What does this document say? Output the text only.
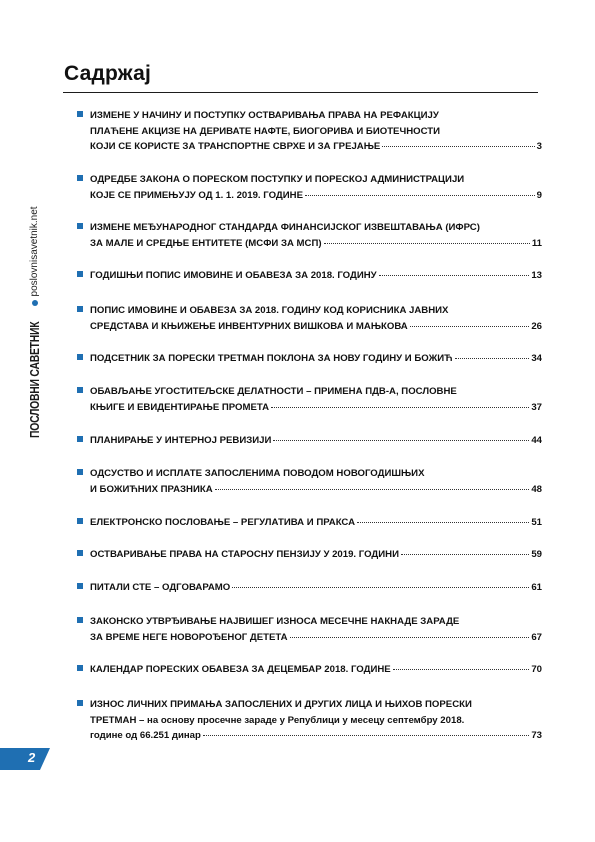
Садржај
ИЗМЕНЕ У НАЧИНУ И ПОСТУПКУ ОСТВАРИВАЊА ПРАВА НА РЕФАКЦИЈУ
ПЛАЋЕНЕ АКЦИЗЕ НА ДЕРИВАТЕ НАФТЕ, БИОГОРИВА И БИОТЕЧНОСТИ
КОЈИ СЕ КОРИСТЕ ЗА ТРАНСПОРТНЕ СВРХЕ И ЗА ГРЕЈАЊЕ	3
ОДРЕДБЕ ЗАКОНА О ПОРЕСКОМ ПОСТУПКУ И ПОРЕСКОЈ АДМИНИСТРАЦИЈИ
КОЈЕ СЕ ПРИМЕЊУЈУ ОД 1. 1. 2019. ГОДИНЕ	9
ИЗМЕНЕ МЕЂУНАРОДНОГ СТАНДАРДА ФИНАНСИЈСКОГ ИЗВЕШТАВАЊА (ИФРС)
ЗА МАЛЕ И СРЕДЊЕ ЕНТИТЕТЕ (МСФИ ЗА МСП)	11
ГОДИШЊИ ПОПИС ИМОВИНЕ И ОБАВЕЗА ЗА 2018. ГОДИНУ	13
ПОПИС ИМОВИНЕ И ОБАВЕЗА ЗА 2018. ГОДИНУ КОД КОРИСНИКА ЈАВНИХ
СРЕДСТАВА И КЊИЖЕЊЕ ИНВЕНТУРНИХ ВИШКОВА И МАЊКОВА	26
ПОДСЕТНИК ЗА ПОРЕСКИ ТРЕТМАН ПОКЛОНА ЗА НОВУ ГОДИНУ И БОЖИЋ	34
ОБАВЉАЊЕ УГОСТИТЕЉСКЕ ДЕЛАТНОСТИ – ПРИМЕНА ПДВ-А, ПОСЛОВНЕ
КЊИГЕ И ЕВИДЕНТИРАЊЕ ПРОМЕТА	37
ПЛАНИРАЊЕ У ИНТЕРНОЈ РЕВИЗИЈИ	44
ОДСУСТВО И ИСПЛАТЕ ЗАПОСЛЕНИМА ПОВОДОМ НОВОГОДИШЊИХ
И БОЖИЋНИХ ПРАЗНИКА	48
ЕЛЕКТРОНСКО ПОСЛОВАЊЕ – РЕГУЛАТИВА И ПРАКСА	51
ОСТВАРИВАЊЕ ПРАВА НА СТАРОСНУ ПЕНЗИЈУ У 2019. ГОДИНИ	59
ПИТАЛИ СТЕ – ОДГОВАРАМО	61
ЗАКОНСКО УТВРЂИВАЊЕ НАЈВИШЕГ ИЗНОСА МЕСЕЧНЕ НАКНАДЕ ЗАРАДЕ
ЗА ВРЕМЕ НЕГЕ НОВОРОЂЕНОГ ДЕТЕТА	67
КАЛЕНДАР ПОРЕСКИХ ОБАВЕЗА ЗА ДЕЦЕМБАР 2018. ГОДИНЕ	70
ИЗНОС ЛИЧНИХ ПРИМАЊА ЗАПОСЛЕНИХ И ДРУГИХ ЛИЦА И ЊИХОВ ПОРЕСКИ
ТРЕТМАН – на основу просечне зараде у Републици у месецу септембру 2018.
године од 66.251 динар	73
ПОСЛОВНИ САВЕТНИК
poslovnisavetnik.net
2
